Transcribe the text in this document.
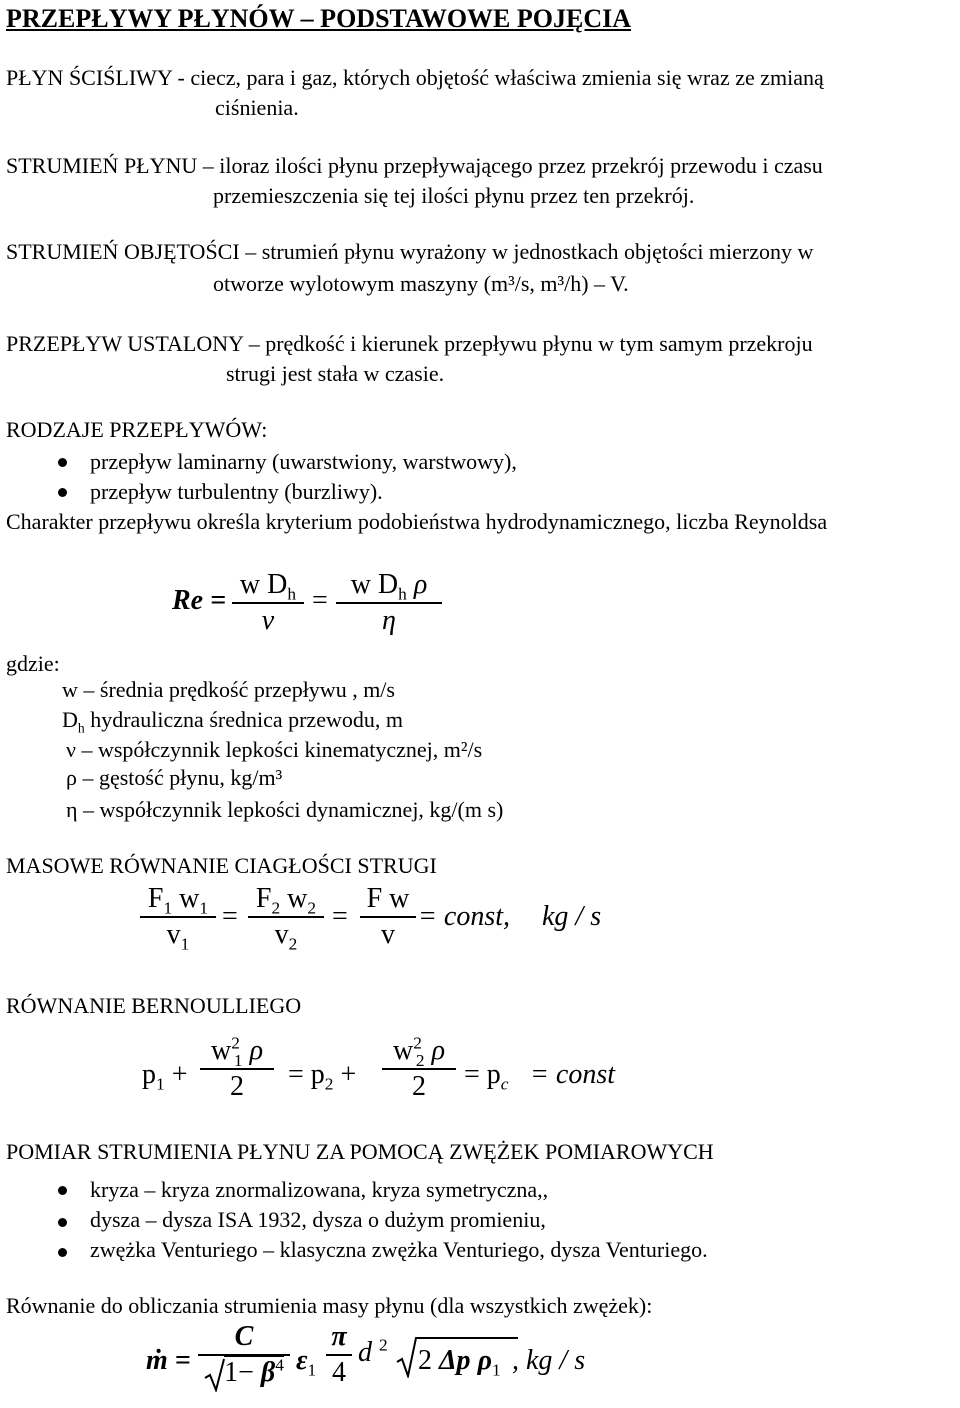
PRZEPŁYWY PŁYNÓW – PODSTAWOWE POJĘCIA
PŁYN ŚCIŚLIWY - ciecz, para i gaz, których objętość właściwa zmienia się wraz ze zmianą
ciśnienia.
STRUMIEŃ PŁYNU – iloraz ilości płynu przepływającego przez przekrój przewodu i czasu
przemieszczenia się tej ilości płynu przez ten przekrój.
STRUMIEŃ OBJĘTOŚCI – strumień płynu wyrażony w jednostkach objętości mierzony w
otworze wylotowym maszyny (m³/s, m³/h) – V.
PRZEPŁYW USTALONY – prędkość i kierunek przepływu płynu w tym samym przekroju
strugi jest stała w czasie.
RODZAJE PRZEPŁYWÓW:
przepływ laminarny (uwarstwiony, warstwowy),
przepływ turbulentny (burzliwy).
Charakter przepływu określa kryterium podobieństwa hydrodynamicznego, liczba Reynoldsa
Re =
w $D_h$
ν
=
w $D_h$ ρ
η
gdzie:
w – średnia prędkość przepływu , m/s
$D_h$ hydrauliczna średnica przewodu, m
ν – współczynnik lepkości kinematycznej, m²/s
ρ – gęstość płynu, kg/m³
η – współczynnik lepkości dynamicznej, kg/(m s)
MASOWE RÓWNANIE CIAGŁOŚCI STRUGI
$F_1$ $w_1$
$v_1$
=
$F_2$ $w_2$
$v_2$
=
F w
v
= const, kg / s
RÓWNANIE BERNOULLIEGO
$p_1$ +
$w^2_1$ ρ
$2 = p_2$ +
$w^2_2$ ρ
$2 = p_c$ = const
POMIAR STRUMIENIA PŁYNU ZA POMOCĄ ZWĘŻEK POMIAROWYCH
kryza – kryza znormalizowana, kryza symetryczna,,
dysza – dysza ISA 1932, dysza o dużym promieniu,
zwężka Venturiego – klasyczna zwężka Venturiego, dysza Venturiego.
Równanie do obliczania strumienia masy płynu (dla wszystkich zwężek):
ṁ =
C
$1- \beta^4$ $\varepsilon_1$
π
4
d $^2$ 2 Δp $\rho_1$ , kg / s
